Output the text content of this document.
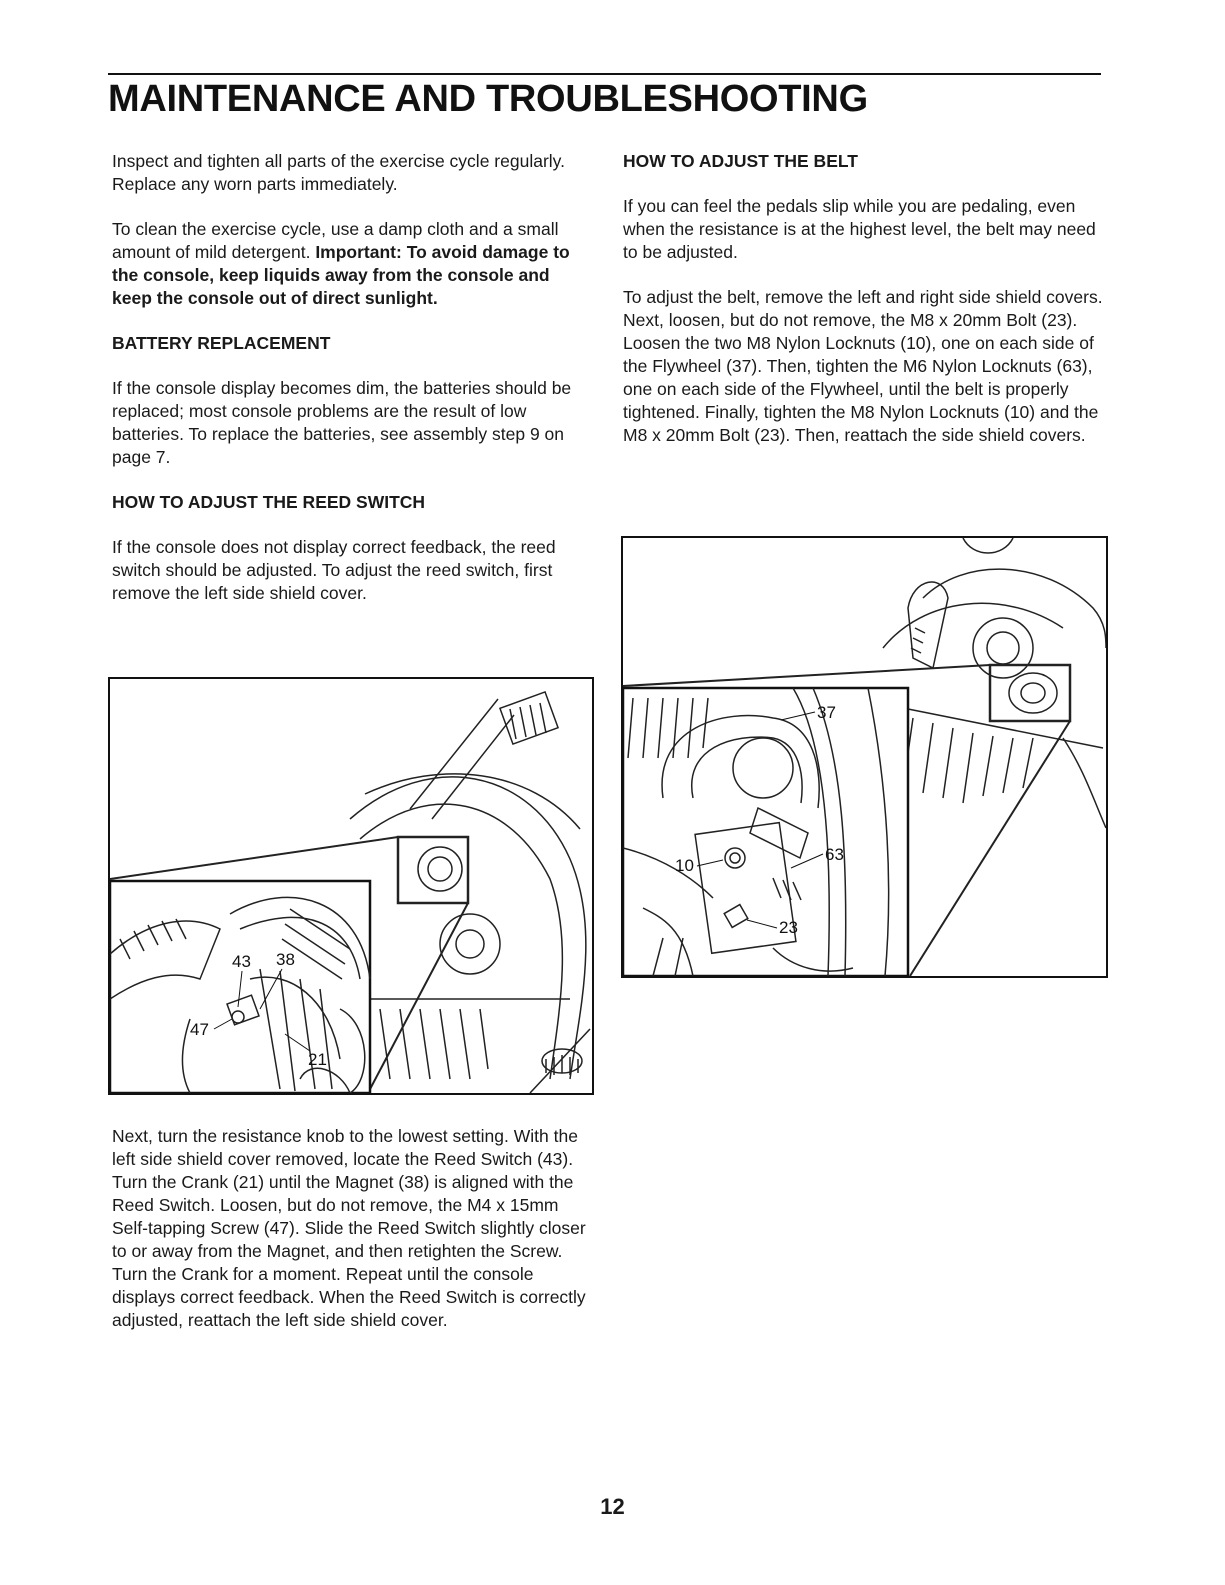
MAINTENANCE AND TROUBLESHOOTING

Inspect and tighten all parts of the exercise cycle regularly. Replace any worn parts immediately.

To clean the exercise cycle, use a damp cloth and a small amount of mild detergent. Important: To avoid damage to the console, keep liquids away from the console and keep the console out of direct sunlight.

BATTERY REPLACEMENT

If the console display becomes dim, the batteries should be replaced; most console problems are the result of low batteries. To replace the batteries, see assembly step 9 on page 7.

HOW TO ADJUST THE REED SWITCH

If the console does not display correct feedback, the reed switch should be adjusted. To adjust the reed switch, first remove the left side shield cover.

HOW TO ADJUST THE BELT

If you can feel the pedals slip while you are pedaling, even when the resistance is at the highest level, the belt may need to be adjusted.

To adjust the belt, remove the left and right side shield covers. Next, loosen, but do not remove, the M8 x 20mm Bolt (23). Loosen the two M8 Nylon Locknuts (10), one on each side of the Flywheel (37). Then, tighten the M6 Nylon Locknuts (63), one on each side of the Flywheel, until the belt is properly tightened. Finally, tighten the M8 Nylon Locknuts (10) and the M8 x 20mm Bolt (23). Then, reattach the side shield covers.

43 38
47
21
37
10
63
23

Next, turn the resistance knob to the lowest setting. With the left side shield cover removed, locate the Reed Switch (43). Turn the Crank (21) until the Magnet (38) is aligned with the Reed Switch. Loosen, but do not remove, the M4 x 15mm Self-tapping Screw (47). Slide the Reed Switch slightly closer to or away from the Magnet, and then retighten the Screw. Turn the Crank for a moment. Repeat until the console displays correct feedback. When the Reed Switch is correctly adjusted, reattach the left side shield cover.

12
